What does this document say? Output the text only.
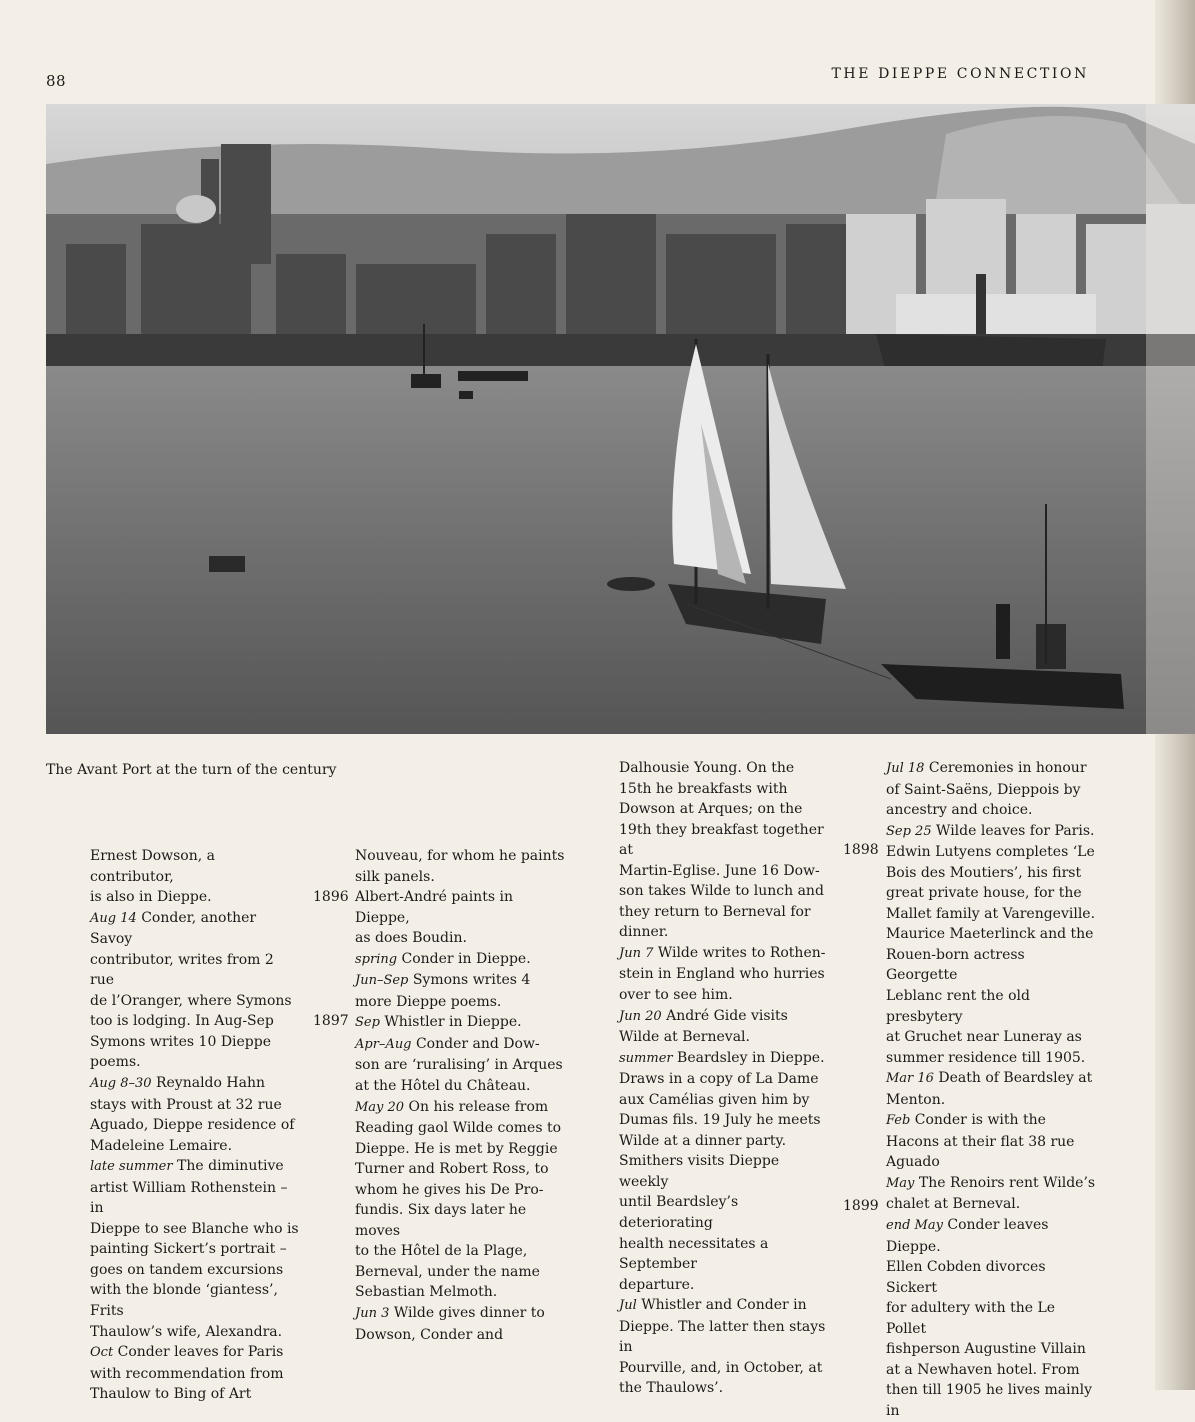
88	THE DIEPPE CONNECTION
The Avant Port at the turn of the century
Ernest Dowson, a contributor,
is also in Dieppe.
Aug 14 Conder, another Savoy
contributor, writes from 2 rue
de l’Oranger, where Symons
too is lodging. In Aug-Sep
Symons writes 10 Dieppe
poems.
Aug 8–30 Reynaldo Hahn
stays with Proust at 32 rue
Aguado, Dieppe residence of
Madeleine Lemaire.
late summer The diminutive
artist William Rothenstein – in
Dieppe to see Blanche who is
painting Sickert’s portrait –
goes on tandem excursions
with the blonde ‘giantess’, Frits
Thaulow’s wife, Alexandra.
Oct Conder leaves for Paris
with recommendation from
Thaulow to Bing of Art
Nouveau, for whom he paints
silk panels.
Albert-André paints in Dieppe,
as does Boudin.
spring Conder in Dieppe.
Jun–Sep Symons writes 4
more Dieppe poems.
Sep Whistler in Dieppe.
Apr–Aug Conder and Dow-
son are ‘ruralising’ in Arques
at the Hôtel du Château.
May 20 On his release from
Reading gaol Wilde comes to
Dieppe. He is met by Reggie
Turner and Robert Ross, to
whom he gives his De Pro-
fundis. Six days later he moves
to the Hôtel de la Plage,
Berneval, under the name
Sebastian Melmoth.
Jun 3 Wilde gives dinner to
Dowson, Conder and
Dalhousie Young. On the
15th he breakfasts with
Dowson at Arques; on the
19th they breakfast together at
Martin-Eglise. June 16 Dow-
son takes Wilde to lunch and
they return to Berneval for
dinner.
Jun 7 Wilde writes to Rothen-
stein in England who hurries
over to see him.
Jun 20 André Gide visits
Wilde at Berneval.
summer Beardsley in Dieppe.
Draws in a copy of La Dame
aux Camélias given him by
Dumas fils. 19 July he meets
Wilde at a dinner party.
Smithers visits Dieppe weekly
until Beardsley’s deteriorating
health necessitates a September
departure.
Jul Whistler and Conder in
Dieppe. The latter then stays in
Pourville, and, in October, at
the Thaulows’.
Jul 18 Ceremonies in honour
of Saint-Saëns, Dieppois by
ancestry and choice.
Sep 25 Wilde leaves for Paris.
Edwin Lutyens completes ‘Le
Bois des Moutiers’, his first
great private house, for the
Mallet family at Varengeville.
Maurice Maeterlinck and the
Rouen-born actress Georgette
Leblanc rent the old presbytery
at Gruchet near Luneray as
summer residence till 1905.
Mar 16 Death of Beardsley at
Menton.
Feb Conder is with the
Hacons at their flat 38 rue
Aguado
May The Renoirs rent Wilde’s
chalet at Berneval.
end May Conder leaves Dieppe.
Ellen Cobden divorces Sickert
for adultery with the Le Pollet
fishperson Augustine Villain
at a Newhaven hotel. From
then till 1905 he lives mainly in
1896
1897
1898
1899
